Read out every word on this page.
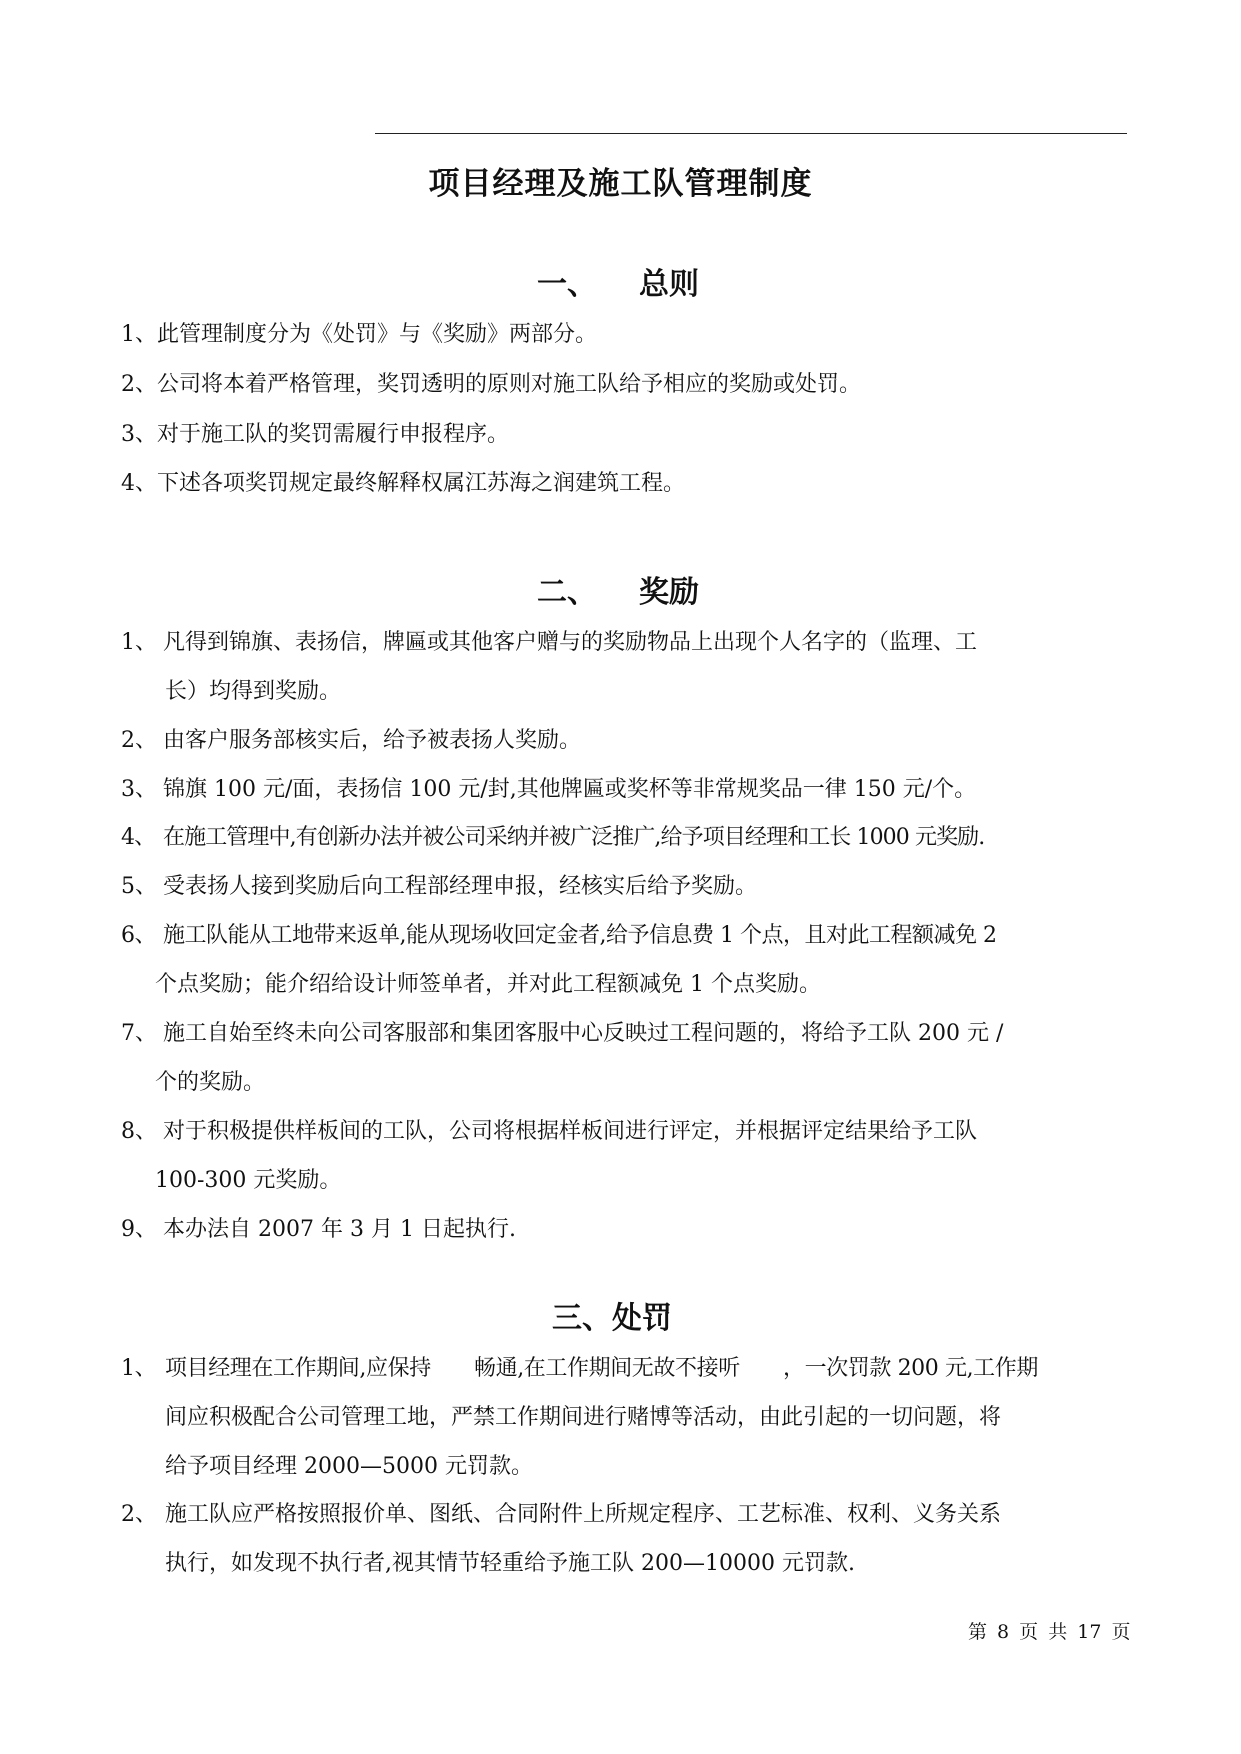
项目经理及施工队管理制度
一、 总则
1、此管理制度分为《处罚》与《奖励》两部分。
2、公司将本着严格管理，奖罚透明的原则对施工队给予相应的奖励或处罚。
3、对于施工队的奖罚需履行申报程序。
4、下述各项奖罚规定最终解释权属江苏海之润建筑工程。
二、 奖励
1、 凡得到锦旗、表扬信，牌匾或其他客户赠与的奖励物品上出现个人名字的（监理、工
长）均得到奖励。
2、 由客户服务部核实后，给予被表扬人奖励。
3、 锦旗 100 元/面，表扬信 100 元/封,其他牌匾或奖杯等非常规奖品一律 150 元/个。
4、 在施工管理中,有创新办法并被公司采纳并被广泛推广,给予项目经理和工长 1000 元奖励.
5、 受表扬人接到奖励后向工程部经理申报，经核实后给予奖励。
6、 施工队能从工地带来返单,能从现场收回定金者,给予信息费 1 个点，且对此工程额减免 2
个点奖励；能介绍给设计师签单者，并对此工程额减免 1 个点奖励。
7、 施工自始至终未向公司客服部和集团客服中心反映过工程问题的，将给予工队 200 元 /
个的奖励。
8、 对于积极提供样板间的工队，公司将根据样板间进行评定，并根据评定结果给予工队
100-300 元奖励。
9、 本办法自 2007 年 3 月 1 日起执行.
三、处罚
1、 项目经理在工作期间,应保持　　畅通,在工作期间无故不接听　　，一次罚款 200 元,工作期
间应积极配合公司管理工地，严禁工作期间进行赌博等活动，由此引起的一切问题，将
给予项目经理 2000—5000 元罚款。
2、 施工队应严格按照报价单、图纸、合同附件上所规定程序、工艺标准、权利、义务关系
执行，如发现不执行者,视其情节轻重给予施工队 200—10000 元罚款.
第 8 页 共 17 页
